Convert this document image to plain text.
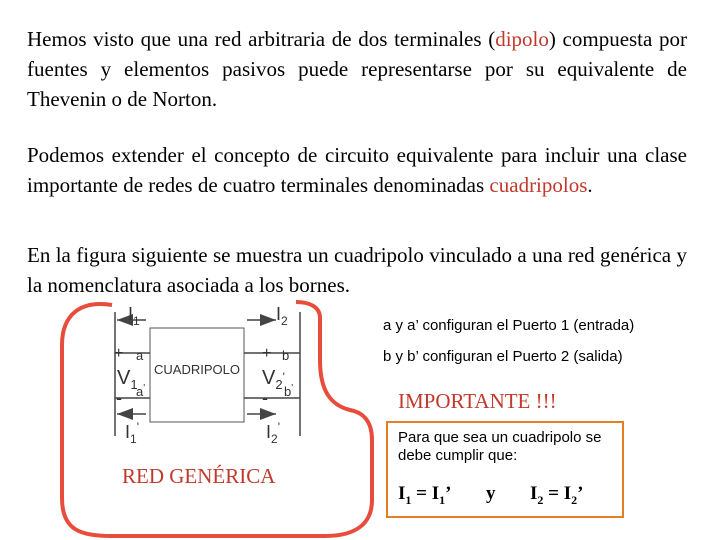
Hemos visto que una red arbitraria de dos terminales (dipolo) compuesta por fuentes y elementos pasivos puede representarse por su equivalente de Thevenin o de Norton.
Podemos extender el concepto de circuito equivalente para incluir una clase importante de redes de cuatro terminales denominadas cuadripolos.
En la figura siguiente se muestra un cuadripolo vinculado a una red genérica y la nomenclatura asociada a los bornes.
CUADRIPOLO
$I_1$	$I_2$
$I_1'$	$I_2'$
+ a
$V_1$
- a'
+ b
$V_2'$
- b'
a y a’ configuran el Puerto 1 (entrada)
b y b’ configuran el Puerto 2 (salida)
IMPORTANTE !!!
RED GENÉRICA
Para que sea un cuadripolo se debe cumplir que:
$I_1 = I_1$’ y $I_2 = I_2$’
